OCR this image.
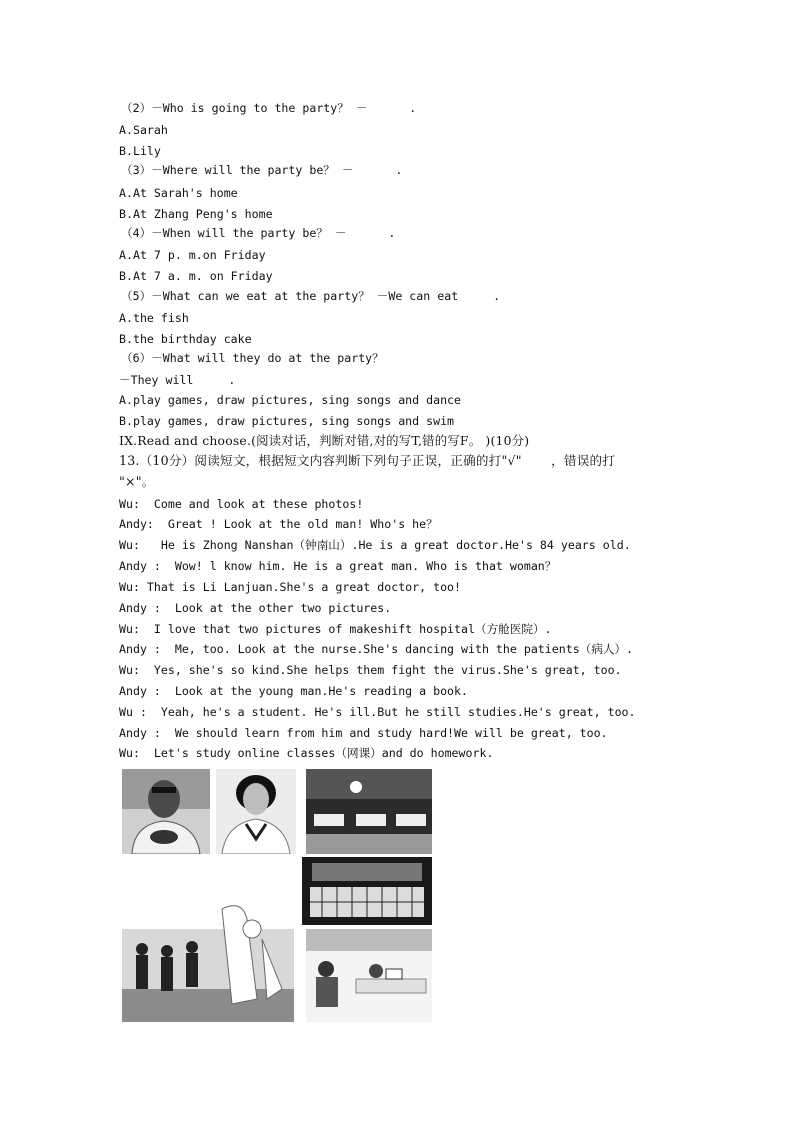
（2）－Who is going to the party？ －      .
A.Sarah
B.Lily
（3）－Where will the party be？ －      .
A.At Sarah's home
B.At Zhang Peng's home
（4）－When will the party be？ －      .
A.At 7 p. m.on Friday
B.At 7 a. m. on Friday
（5）－What can we eat at the party？ －We can eat     .
A.the fish
B.the birthday cake
（6）－What will they do at the party？
－They will     .
A.play games, draw pictures, sing songs and dance
B.play games, draw pictures, sing songs and swim
IX.Read and choose.(阅读对话，判断对错,对的写T,错的写F。 )(10分)
13.（10分）阅读短文，根据短文内容判断下列句子正误，正确的打"√"       ，错误的打
"×"。
Wu:  Come and look at these photos!
Andy:  Great ! Look at the old man! Who's he？
Wu:   He is Zhong Nanshan（钟南山）.He is a great doctor.He's 84 years old.
Andy :  Wow! l know him. He is a great man. Who is that woman？
Wu: That is Li Lanjuan.She's a great doctor, too!
Andy :  Look at the other two pictures.
Wu:  I love that two pictures of makeshift hospital（方舱医院）.
Andy :  Me, too. Look at the nurse.She's dancing with the patients（病人）.
Wu:  Yes, she's so kind.She helps them fight the virus.She's great, too.
Andy :  Look at the young man.He's reading a book.
Wu :  Yeah, he's a student. He's ill.But he still studies.He's great, too.
Andy :  We should learn from him and study hard!We will be great, too.
Wu:  Let's study online classes（网课）and do homework.
